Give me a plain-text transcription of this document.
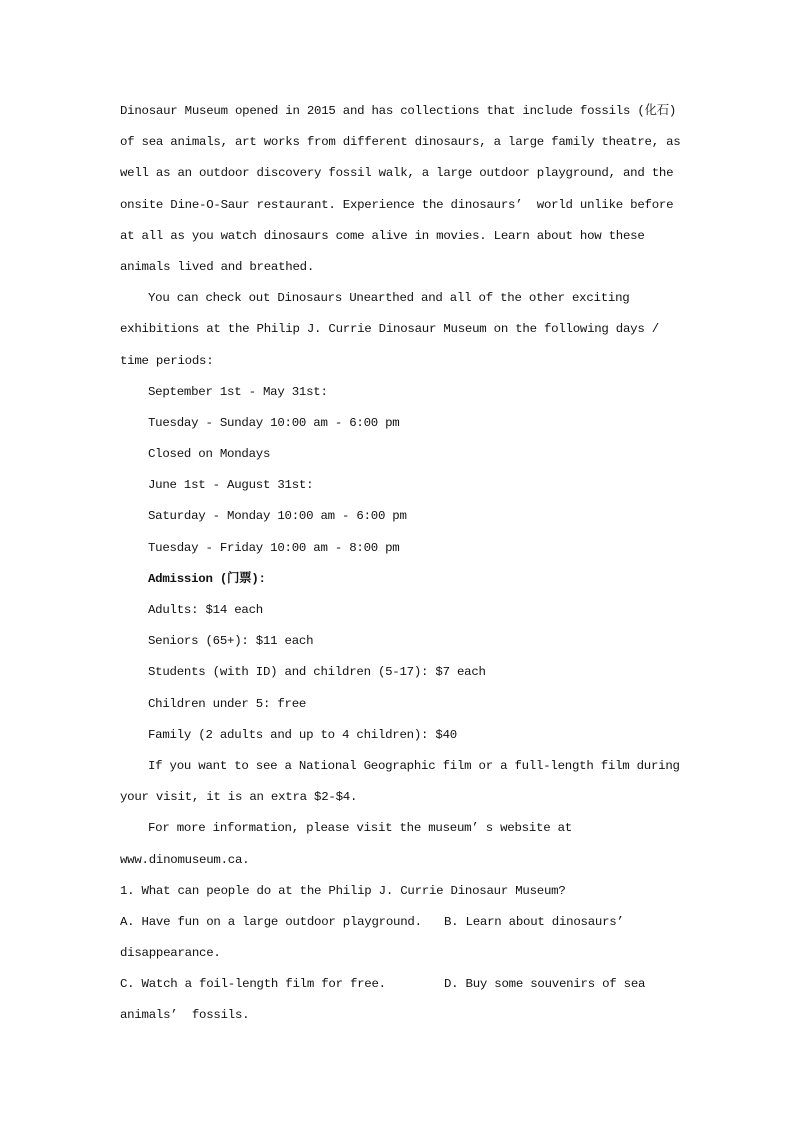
Dinosaur Museum opened in 2015 and has collections that include fossils (化石)
of sea animals, art works from different dinosaurs, a large family theatre, as
well as an outdoor discovery fossil walk, a large outdoor playground, and the
onsite Dine-O-Saur restaurant. Experience the dinosaurs’  world unlike before
at all as you watch dinosaurs come alive in movies. Learn about how these
animals lived and breathed.
You can check out Dinosaurs Unearthed and all of the other exciting
exhibitions at the Philip J. Currie Dinosaur Museum on the following days /
time periods:
September 1st - May 31st:
Tuesday - Sunday 10:00 am - 6:00 pm
Closed on Mondays
June 1st - August 31st:
Saturday - Monday 10:00 am - 6:00 pm
Tuesday - Friday 10:00 am - 8:00 pm
Admission (门票):
Adults: $14 each
Seniors (65+): $11 each
Students (with ID) and children (5-17): $7 each
Children under 5: free
Family (2 adults and up to 4 children): $40
If you want to see a National Geographic film or a full-length film during
your visit, it is an extra $2-$4.
For more information, please visit the museum’ s website at
www.dinomuseum.ca.
1. What can people do at the Philip J. Currie Dinosaur Museum?
A. Have fun on a large outdoor playground.	B. Learn about dinosaurs’
disappearance.
C. Watch a foil-length film for free.	D. Buy some souvenirs of sea
animals’  fossils.
